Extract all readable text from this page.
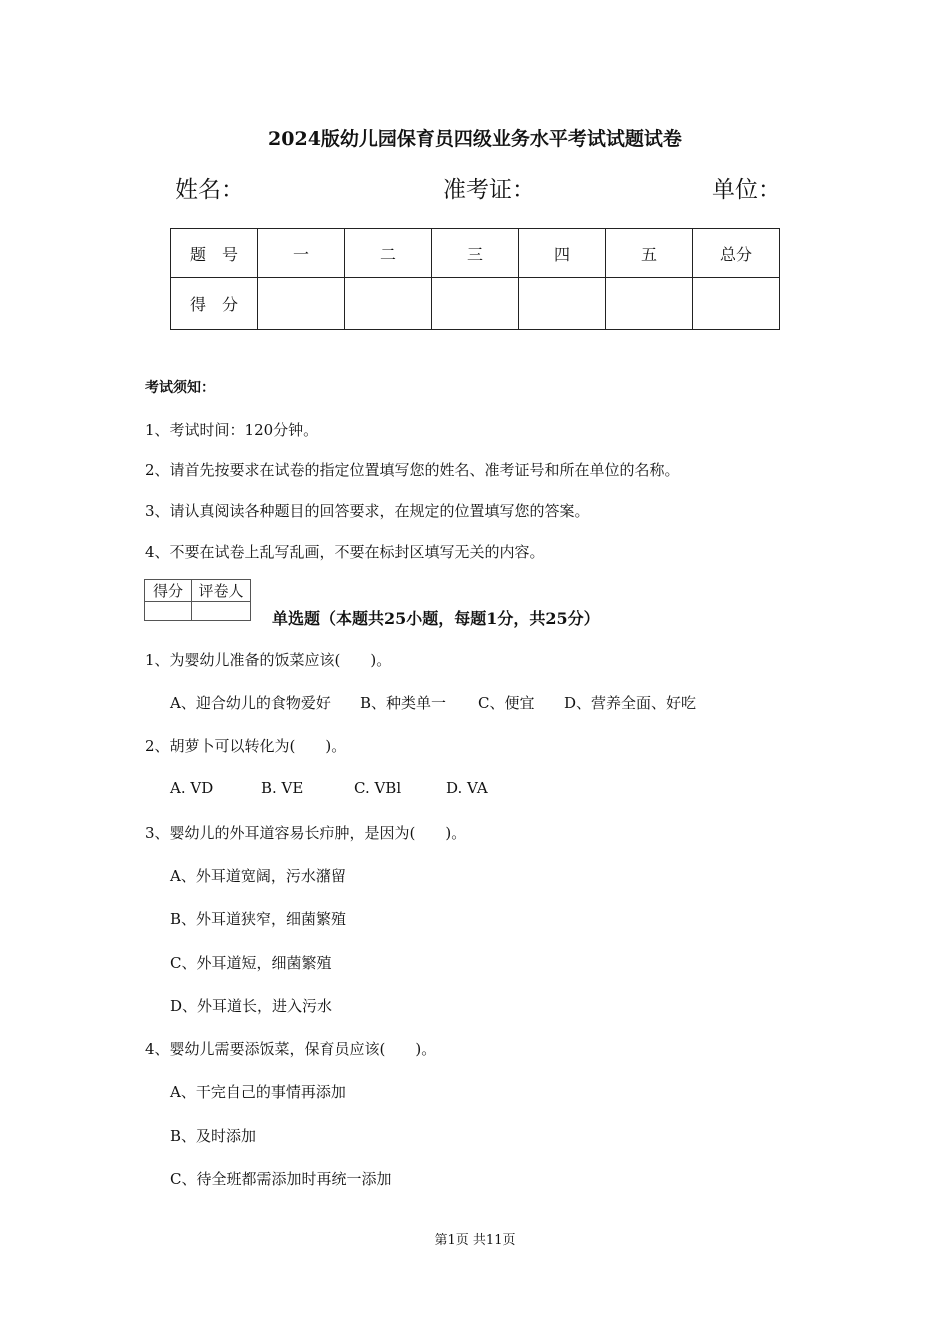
2024版幼儿园保育员四级业务水平考试试题试卷
姓名：	准考证：	单位：
题　号	一	二	三	四	五	总分
得　分						
考试须知：
1、考试时间：120分钟。
2、请首先按要求在试卷的指定位置填写您的姓名、准考证号和所在单位的名称。
3、请认真阅读各种题目的回答要求，在规定的位置填写您的答案。
4、不要在试卷上乱写乱画，不要在标封区填写无关的内容。
得分	评卷人

单选题（本题共25小题，每题1分，共25分）
1、为婴幼儿准备的饭菜应该(　　)。
A、迎合幼儿的食物爱好 B、种类单一 C、便宜 D、营养全面、好吃
2、胡萝卜可以转化为(　　)。
A. VD	B. VE	C. VBl	D. VA
3、婴幼儿的外耳道容易长疖肿，是因为(　　)。
A、外耳道宽阔，污水潴留
B、外耳道狭窄，细菌繁殖
C、外耳道短，细菌繁殖
D、外耳道长，进入污水
4、婴幼儿需要添饭菜，保育员应该(　　)。
A、干完自己的事情再添加
B、及时添加
C、待全班都需添加时再统一添加
第1页 共11页
